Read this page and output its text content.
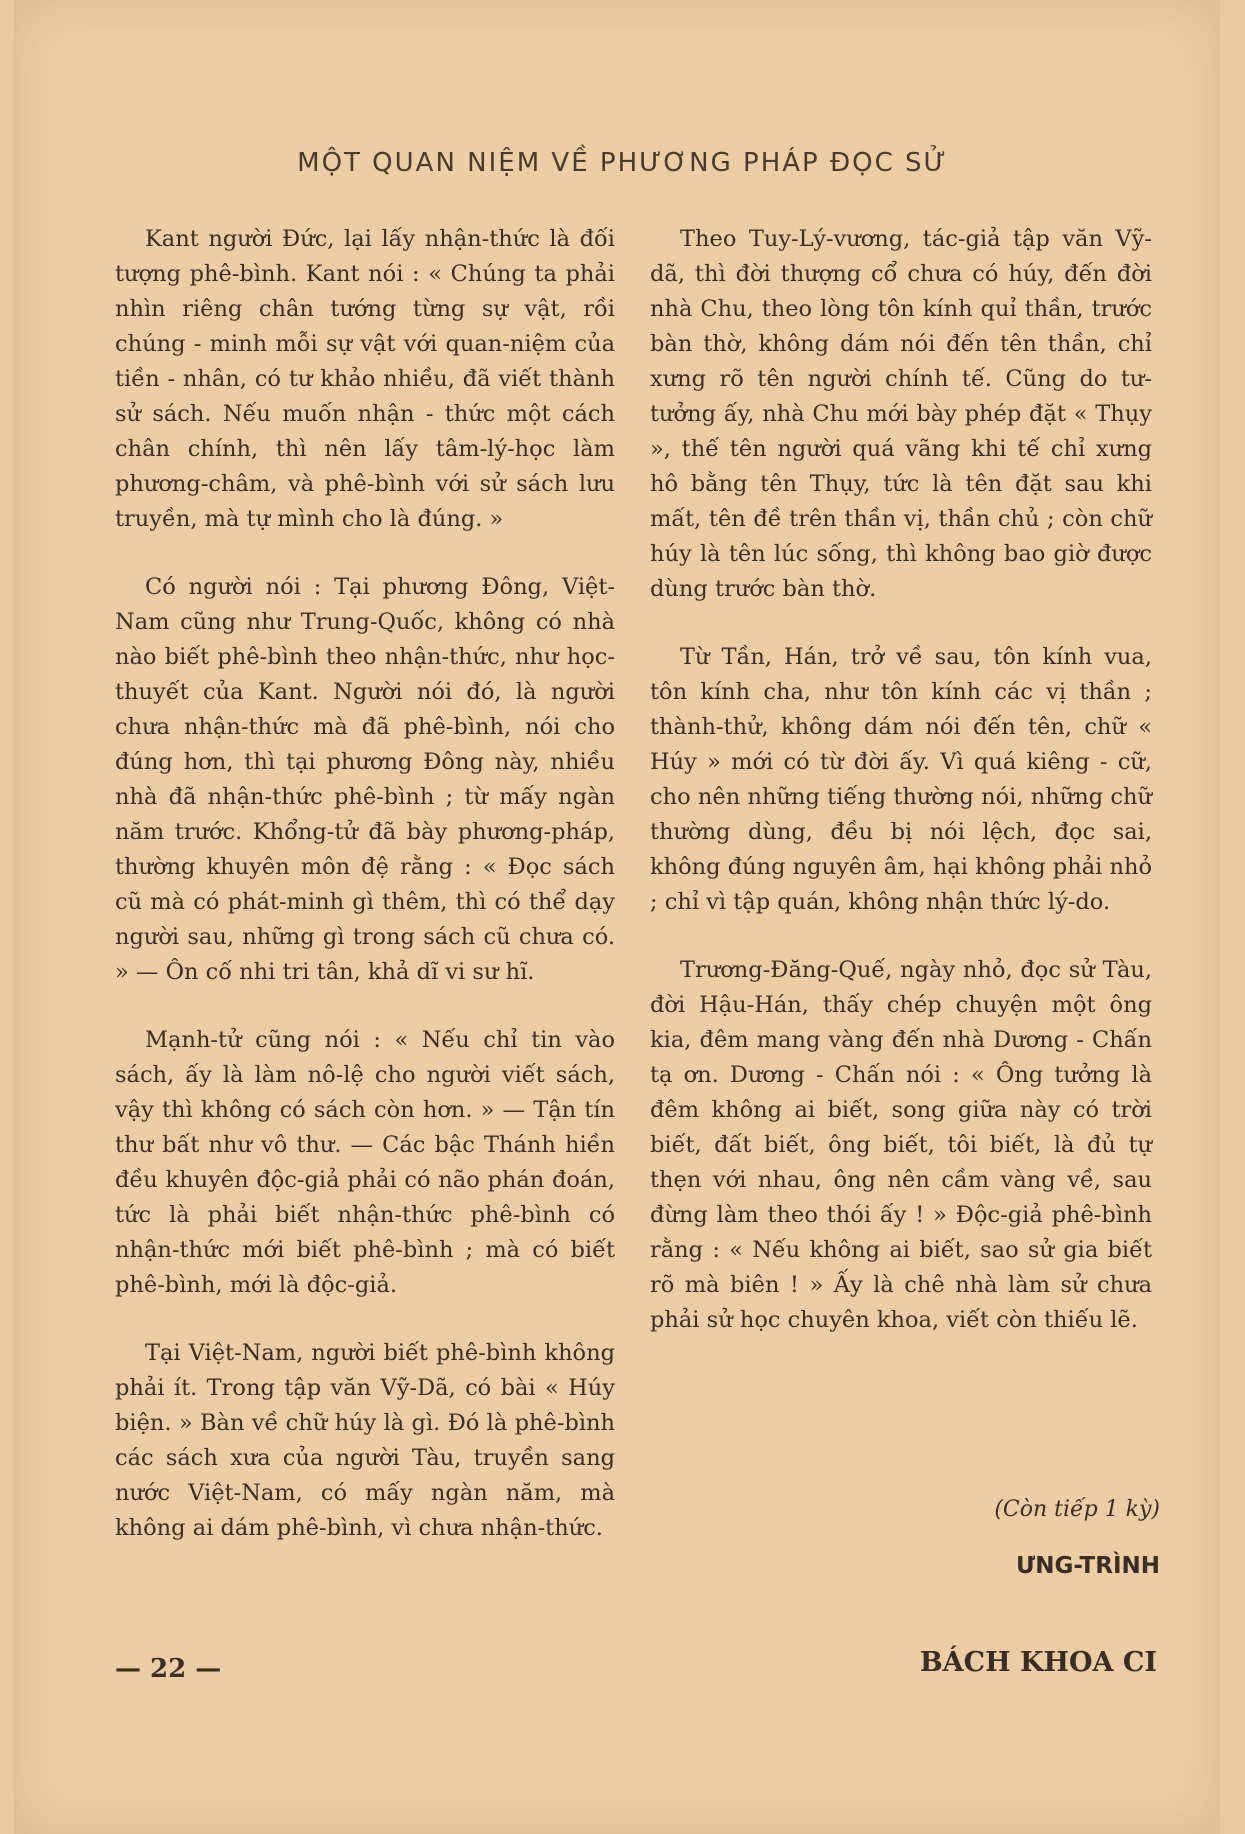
MỘT QUAN NIỆM VỀ PHƯƠNG PHÁP ĐỌC SỬ

Kant người Đức, lại lấy nhận-thức là đối tượng phê-bình. Kant nói : « Chúng ta phải nhìn riêng chân tướng từng sự vật, rồi chúng - minh mỗi sự vật với quan-niệm của tiền - nhân, có tư khảo nhiều, đã viết thành sử sách. Nếu muốn nhận - thức một cách chân chính, thì nên lấy tâm-lý-học làm phương-châm, và phê-bình với sử sách lưu truyền, mà tự mình cho là đúng. »

Có người nói : Tại phương Đông, Việt-Nam cũng như Trung-Quốc, không có nhà nào biết phê-bình theo nhận-thức, như học-thuyết của Kant. Người nói đó, là người chưa nhận-thức mà đã phê-bình, nói cho đúng hơn, thì tại phương Đông này, nhiều nhà đã nhận-thức phê-bình ; từ mấy ngàn năm trước. Khổng-tử đã bày phương-pháp, thường khuyên môn đệ rằng : « Đọc sách cũ mà có phát-minh gì thêm, thì có thể dạy người sau, những gì trong sách cũ chưa có. » — Ôn cố nhi tri tân, khả dĩ vi sư hĩ.

Mạnh-tử cũng nói : « Nếu chỉ tin vào sách, ấy là làm nô-lệ cho người viết sách, vậy thì không có sách còn hơn. » — Tận tín thư bất như vô thư. — Các bậc Thánh hiền đều khuyên độc-giả phải có não phán đoán, tức là phải biết nhận-thức phê-bình có nhận-thức mới biết phê-bình ; mà có biết phê-bình, mới là độc-giả.

Tại Việt-Nam, người biết phê-bình không phải ít. Trong tập văn Vỹ-Dã, có bài « Húy biện. » Bàn về chữ húy là gì. Đó là phê-bình các sách xưa của người Tàu, truyền sang nước Việt-Nam, có mấy ngàn năm, mà không ai dám phê-bình, vì chưa nhận-thức.

Theo Tuy-Lý-vương, tác-giả tập văn Vỹ-dã, thì đời thượng cổ chưa có húy, đến đời nhà Chu, theo lòng tôn kính quỉ thần, trước bàn thờ, không dám nói đến tên thần, chỉ xưng rõ tên người chính tế. Cũng do tư-tưởng ấy, nhà Chu mới bày phép đặt « Thụy », thế tên người quá vãng khi tế chỉ xưng hô bằng tên Thụy, tức là tên đặt sau khi mất, tên đề trên thần vị, thần chủ ; còn chữ húy là tên lúc sống, thì không bao giờ được dùng trước bàn thờ.

Từ Tần, Hán, trở về sau, tôn kính vua, tôn kính cha, như tôn kính các vị thần ; thành-thử, không dám nói đến tên, chữ « Húy » mới có từ đời ấy. Vì quá kiêng - cữ, cho nên những tiếng thường nói, những chữ thường dùng, đều bị nói lệch, đọc sai, không đúng nguyên âm, hại không phải nhỏ ; chỉ vì tập quán, không nhận thức lý-do.

Trương-Đăng-Quế, ngày nhỏ, đọc sử Tàu, đời Hậu-Hán, thấy chép chuyện một ông kia, đêm mang vàng đến nhà Dương - Chấn tạ ơn. Dương - Chấn nói : « Ông tưởng là đêm không ai biết, song giữa này có trời biết, đất biết, ông biết, tôi biết, là đủ tự thẹn với nhau, ông nên cầm vàng về, sau đừng làm theo thói ấy ! » Độc-giả phê-bình rằng : « Nếu không ai biết, sao sử gia biết rõ mà biên ! » Ấy là chê nhà làm sử chưa phải sử học chuyên khoa, viết còn thiếu lẽ.

(Còn tiếp 1 kỳ)
ƯNG-TRÌNH
— 22 —	BÁCH KHOA CI
